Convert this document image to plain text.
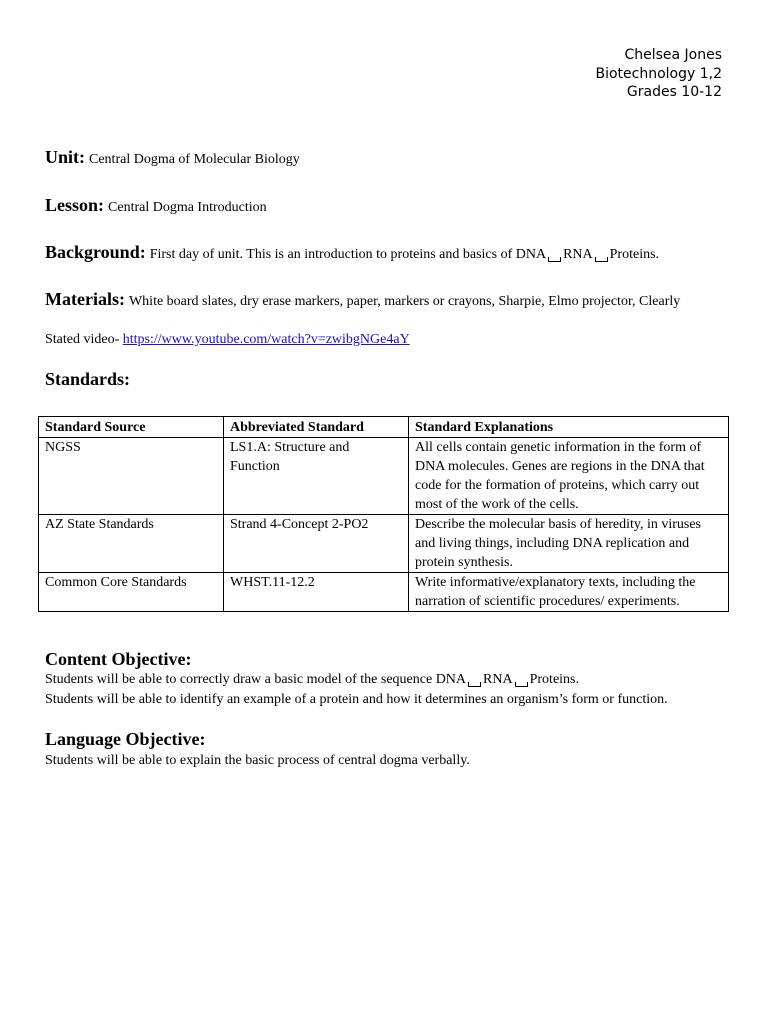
Chelsea Jones
Biotechnology 1,2
Grades 10-12
Unit: Central Dogma of Molecular Biology
Lesson: Central Dogma Introduction
Background: First day of unit. This is an introduction to proteins and basics of DNA RNA Proteins.
Materials: White board slates, dry erase markers, paper, markers or crayons, Sharpie, Elmo projector, Clearly
Stated video- https://www.youtube.com/watch?v=zwibgNGe4aY
Standards:
Standard Source	Abbreviated Standard	Standard Explanations
NGSS	LS1.A: Structure and Function	All cells contain genetic information in the form of DNA molecules. Genes are regions in the DNA that code for the formation of proteins, which carry out most of the work of the cells.
AZ State Standards	Strand 4-Concept 2-PO2	Describe the molecular basis of heredity, in viruses and living things, including DNA replication and protein synthesis.
Common Core Standards	WHST.11-12.2	Write informative/explanatory texts, including the narration of scientific procedures/ experiments.
Content Objective:
Students will be able to correctly draw a basic model of the sequence DNA RNA Proteins.
Students will be able to identify an example of a protein and how it determines an organism’s form or function.
Language Objective:
Students will be able to explain the basic process of central dogma verbally.
